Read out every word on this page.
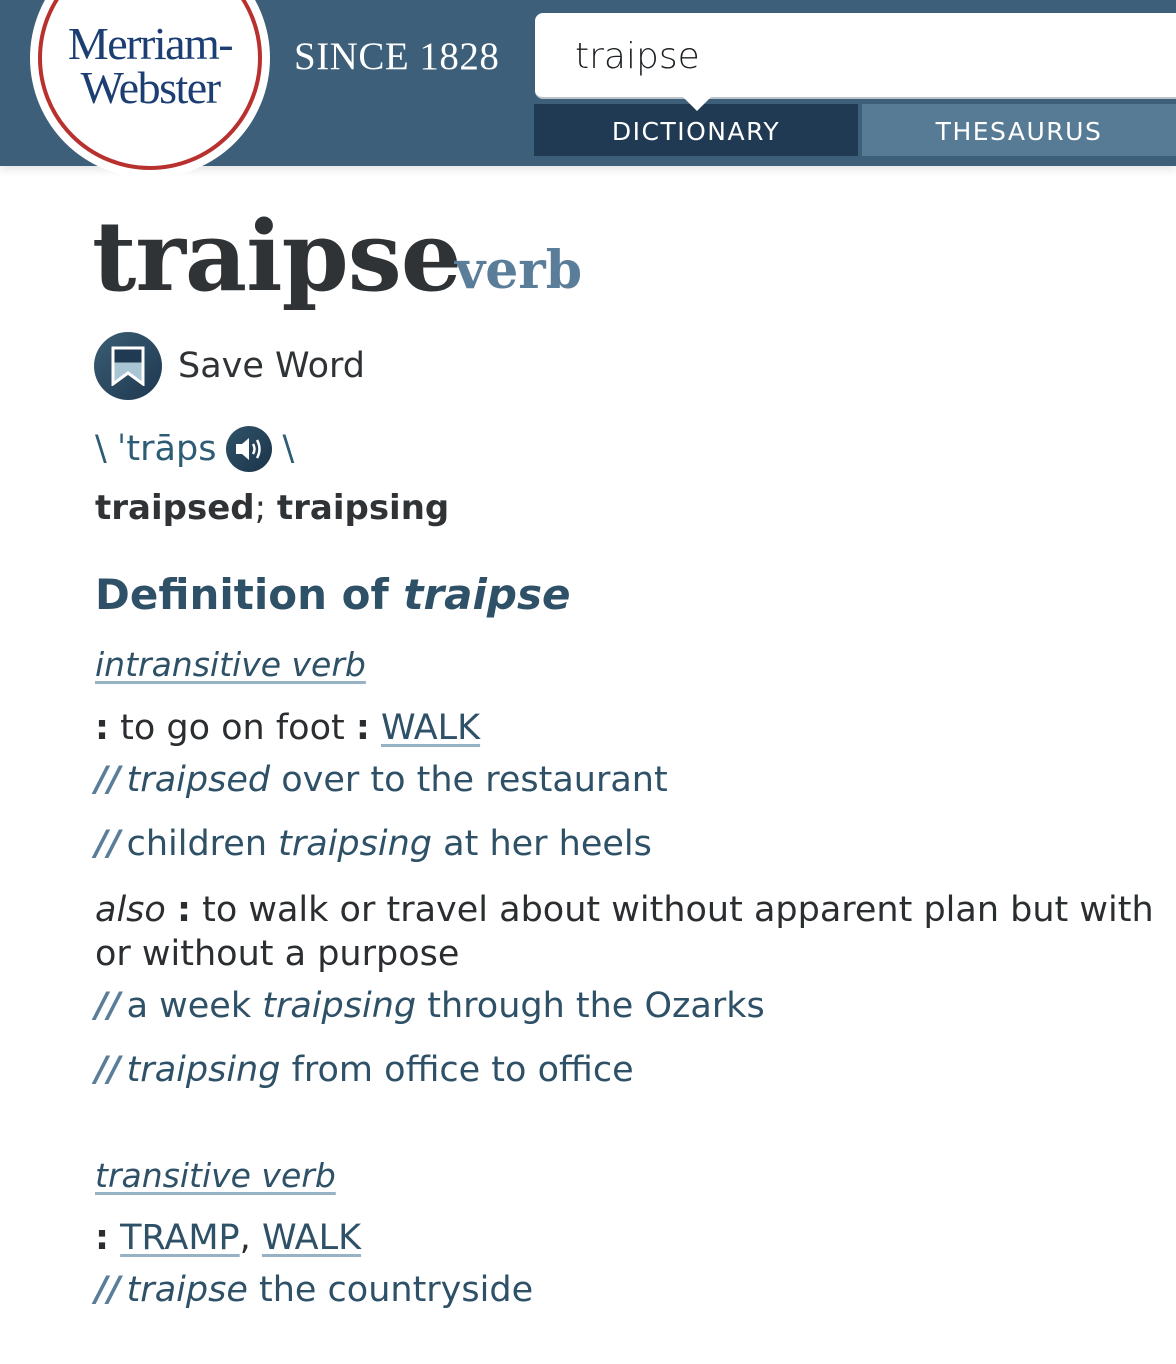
SINCE 1828
traipse
DICTIONARY	THESAURUS
Merriam-
Webster
traipse
verb
Save Word
\ ˈtrāps \
traipsed; traipsing
Definition of traipse
intransitive verb
: to go on foot : WALK
// traipsed over to the restaurant
// children traipsing at her heels
also : to walk or travel about without apparent plan but with or without a purpose
// a week traipsing through the Ozarks
// traipsing from office to office
transitive verb
: TRAMP, WALK
// traipse the countryside
